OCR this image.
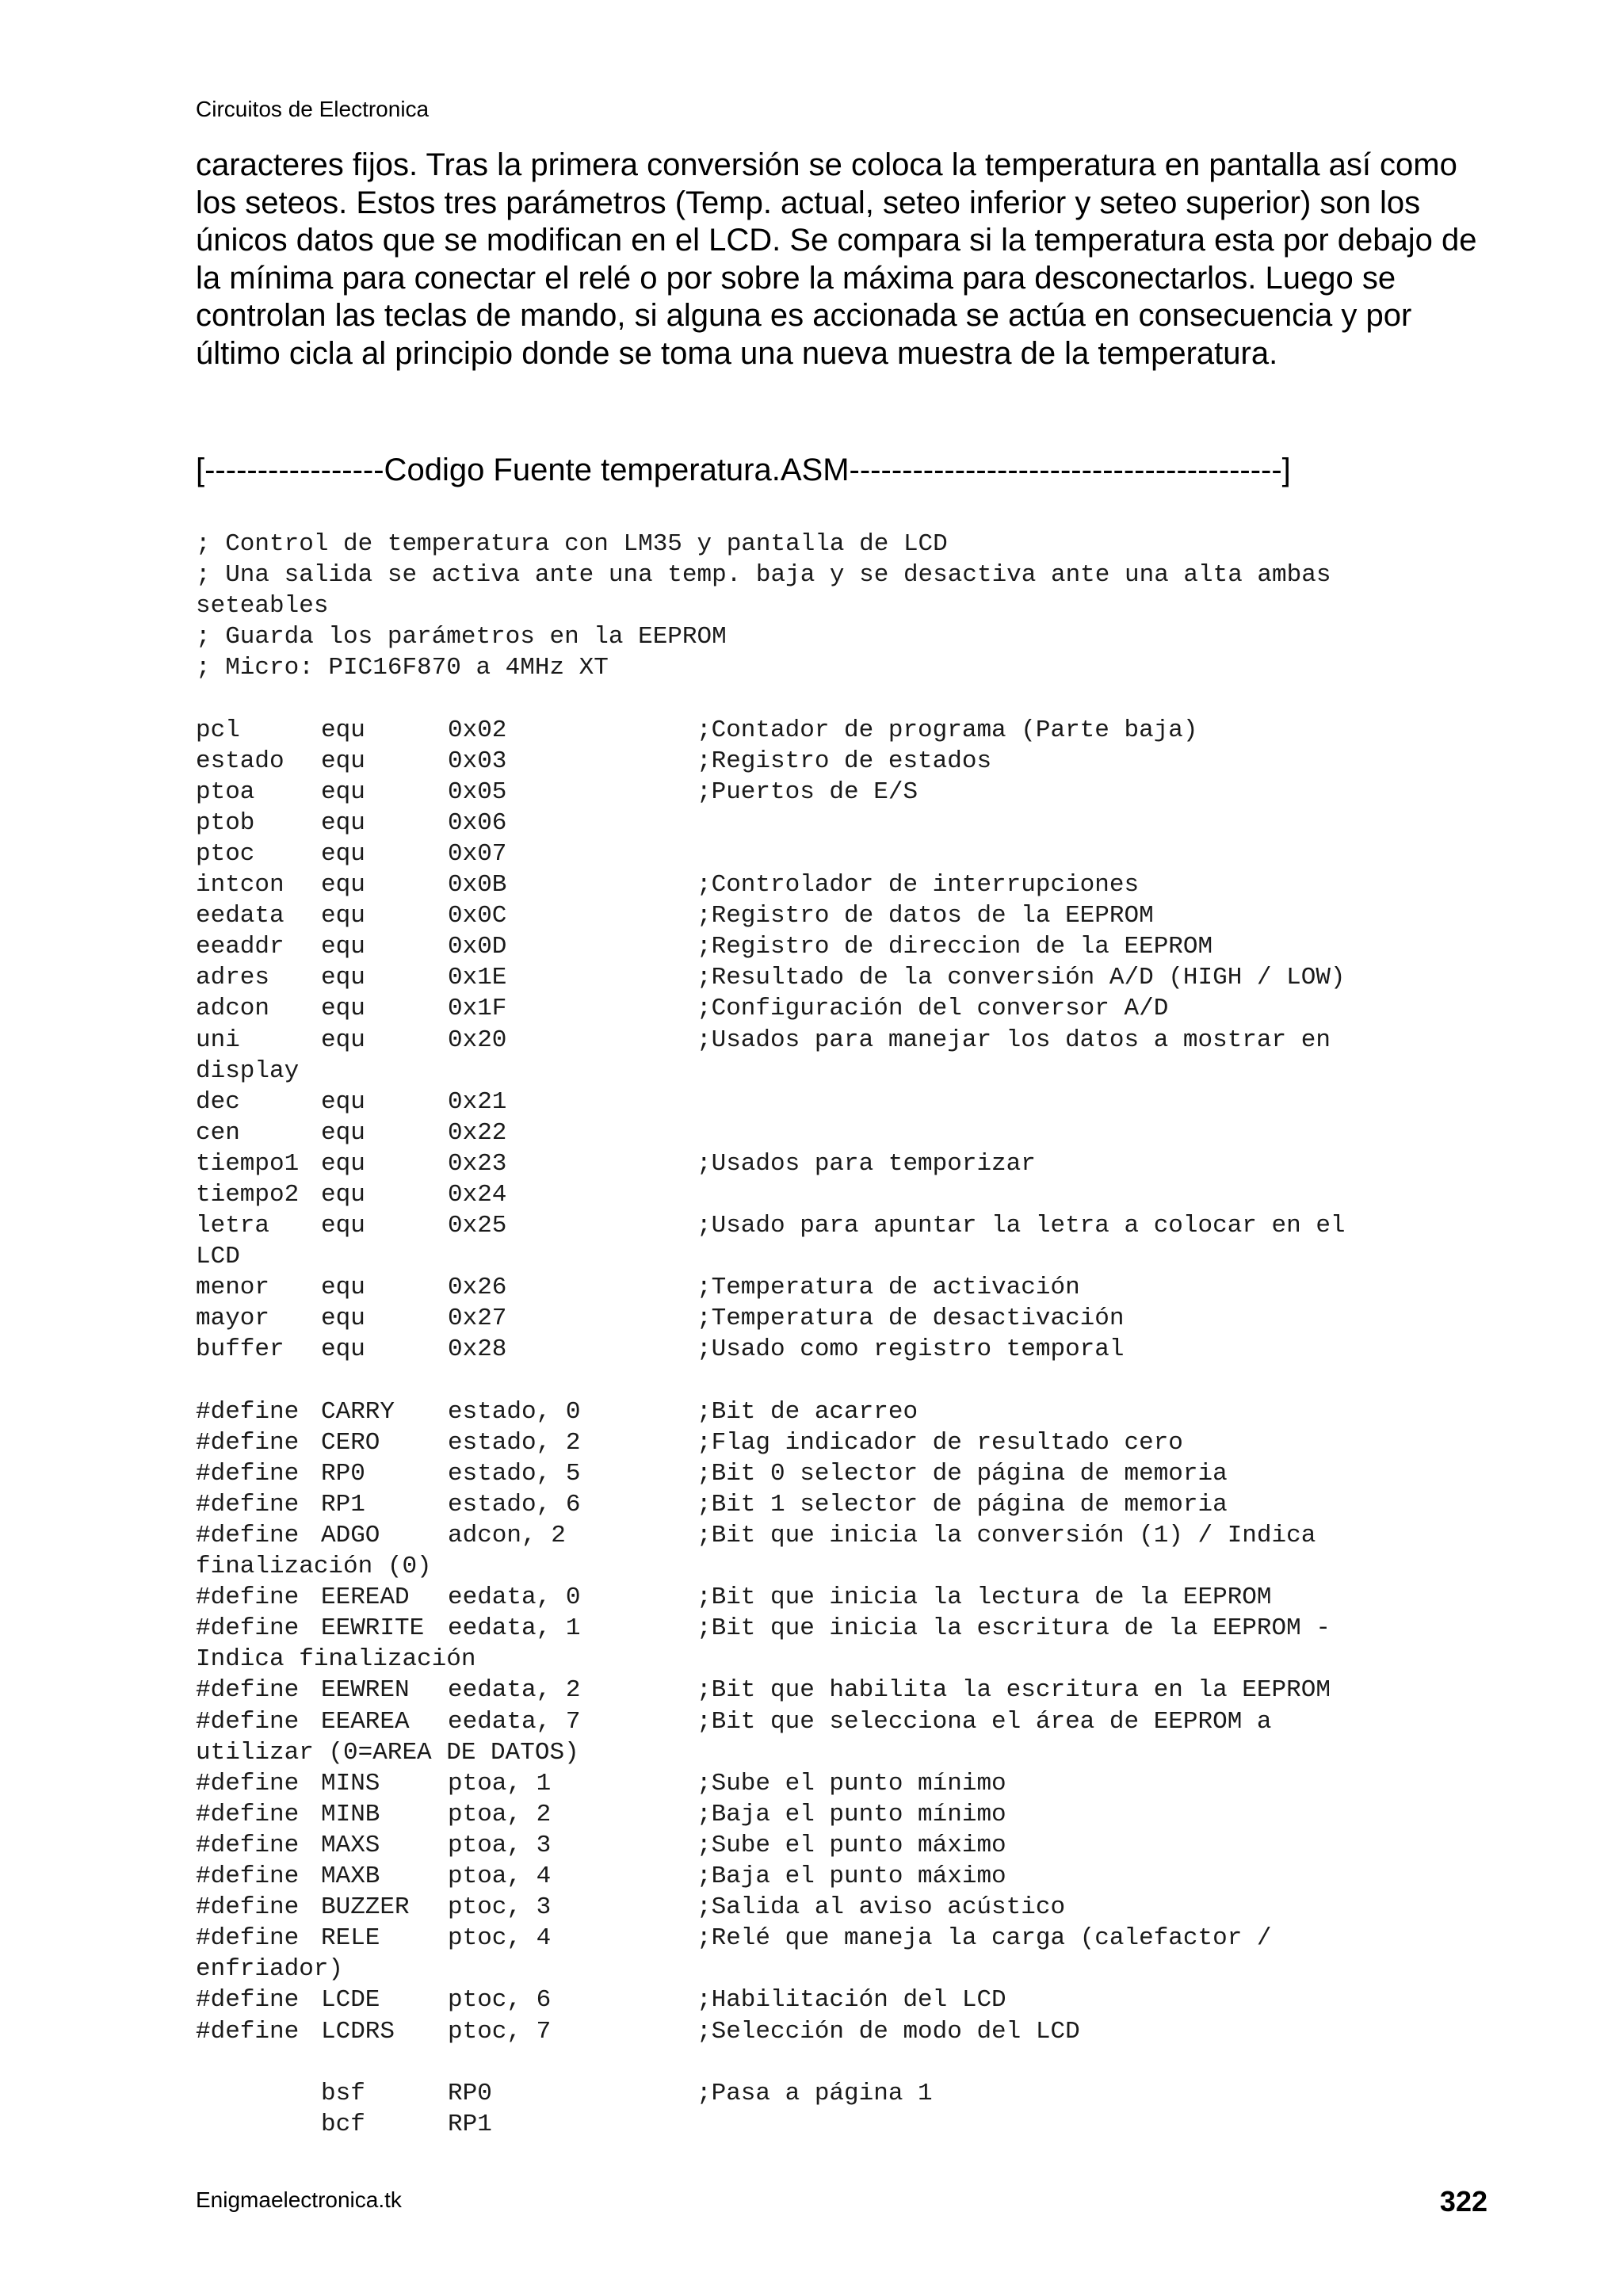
Circuitos de Electronica

caracteres fijos. Tras la primera conversión se coloca la temperatura en pantalla así como los seteos. Estos tres parámetros (Temp. actual, seteo inferior y seteo superior) son los únicos datos que se modifican en el LCD. Se compara si la temperatura esta por debajo de la mínima para conectar el relé o por sobre la máxima para desconectarlos. Luego se controlan las teclas de mando, si alguna es accionada se actúa en consecuencia y por último cicla al principio donde se toma una nueva muestra de la temperatura.

[-----------------Codigo Fuente temperatura.ASM-----------------------------------------]
; Control de temperatura con LM35 y pantalla de LCD
; Una salida se activa ante una temp. baja y se desactiva ante una alta ambas
seteables
; Guarda los parámetros en la EEPROM
; Micro: PIC16F870 a 4MHz XT
pcl	equ	0x02	;Contador de programa (Parte baja)
estado equ	0x03	;Registro de estados
ptoa	equ	0x05	;Puertos de E/S
ptob	equ	0x06
ptoc	equ	0x07
intcon equ	0x0B	;Controlador de interrupciones
eedata equ	0x0C	;Registro de datos de la EEPROM
eeaddr equ	0x0D	;Registro de direccion de la EEPROM
adres equ	0x1E	;Resultado de la conversión A/D (HIGH / LOW)
adcon equ	0x1F	;Configuración del conversor A/D
uni	equ	0x20	;Usados para manejar los datos a mostrar en
display
dec	equ	0x21
cen	equ	0x22
tiempo1 equ	0x23	;Usados para temporizar
tiempo2 equ	0x24
letra equ	0x25	;Usado para apuntar la letra a colocar en el
LCD
menor equ	0x26	;Temperatura de activación
mayor equ	0x27	;Temperatura de desactivación
buffer equ	0x28	;Usado como registro temporal
#define CARRY estado, 0	;Bit de acarreo
#define CERO	estado, 2	;Flag indicador de resultado cero
#define RP0	estado, 5	;Bit 0 selector de página de memoria
#define RP1	estado, 6	;Bit 1 selector de página de memoria
#define ADGO	adcon, 2	;Bit que inicia la conversión (1) / Indica
finalización (0)
#define EEREAD eedata, 0	;Bit que inicia la lectura de la EEPROM
#define EEWRITE eedata, 1	;Bit que inicia la escritura de la EEPROM -
Indica finalización
#define EEWREN eedata, 2	;Bit que habilita la escritura en la EEPROM
#define EEAREA eedata, 7	;Bit que selecciona el área de EEPROM a
utilizar (0=AREA DE DATOS)
#define MINS	ptoa, 1	;Sube el punto mínimo
#define MINB	ptoa, 2	;Baja el punto mínimo
#define MAXS	ptoa, 3	;Sube el punto máximo
#define MAXB	ptoa, 4	;Baja el punto máximo
#define BUZZER ptoc, 3	;Salida al aviso acústico
#define RELE	ptoc, 4	;Relé que maneja la carga (calefactor /
enfriador)
#define LCDE	ptoc, 6	;Habilitación del LCD
#define LCDRS ptoc, 7	;Selección de modo del LCD
bsf	RP0	;Pasa a página 1
bcf	RP1
Enigmaelectronica.tk	322
